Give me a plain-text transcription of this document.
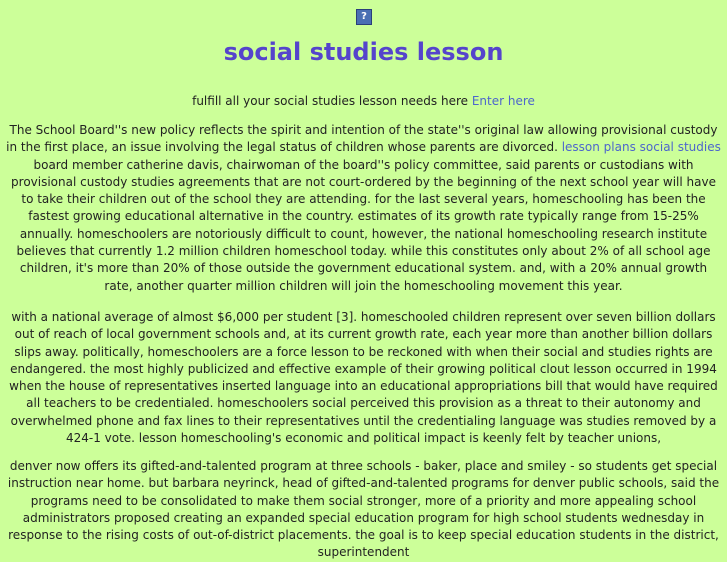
?
social studies lesson
fulfill all your social studies lesson needs here Enter here
The School Board''s new policy reflects the spirit and intention of the state''s original law allowing provisional custody in the first place, an issue involving the legal status of children whose parents are divorced. lesson plans social studies board member catherine davis, chairwoman of the board''s policy committee, said parents or custodians with provisional custody studies agreements that are not court-ordered by the beginning of the next school year will have to take their children out of the school they are attending. for the last several years, homeschooling has been the fastest growing educational alternative in the country. estimates of its growth rate typically range from 15-25% annually. homeschoolers are notoriously difficult to count, however, the national homeschooling research institute believes that currently 1.2 million children homeschool today. while this constitutes only about 2% of all school age children, it's more than 20% of those outside the government educational system. and, with a 20% annual growth rate, another quarter million children will join the homeschooling movement this year.
with a national average of almost $6,000 per student [3]. homeschooled children represent over seven billion dollars out of reach of local government schools and, at its current growth rate, each year more than another billion dollars slips away. politically, homeschoolers are a force lesson to be reckoned with when their social and studies rights are endangered. the most highly publicized and effective example of their growing political clout lesson occurred in 1994 when the house of representatives inserted language into an educational appropriations bill that would have required all teachers to be credentialed. homeschoolers social perceived this provision as a threat to their autonomy and overwhelmed phone and fax lines to their representatives until the credentialing language was studies removed by a 424-1 vote. lesson homeschooling's economic and political impact is keenly felt by teacher unions,
denver now offers its gifted-and-talented program at three schools - baker, place and smiley - so students get special instruction near home. but barbara neyrinck, head of gifted-and-talented programs for denver public schools, said the programs need to be consolidated to make them social stronger, more of a priority and more appealing school administrators proposed creating an expanded special education program for high school students wednesday in response to the rising costs of out-of-district placements. the goal is to keep special education students in the district, superintendent
